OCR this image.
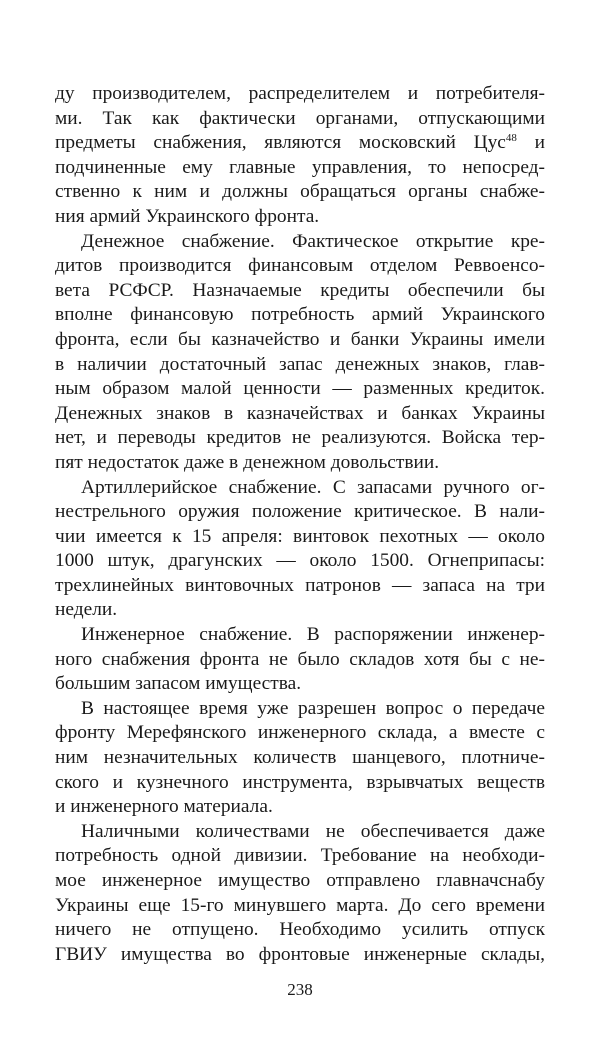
ду производителем, распределителем и потребителя-
ми. Так как фактически органами, отпускающими
предметы снабжения, являются московский Цус$^{48}$ и
подчиненные ему главные управления, то непосред-
ственно к ним и должны обращаться органы снабже-
ния армий Украинского фронта.
Денежное снабжение. Фактическое открытие кре-
дитов производится финансовым отделом Реввоенсо-
вета РСФСР. Назначаемые кредиты обеспечили бы
вполне финансовую потребность армий Украинского
фронта, если бы казначейство и банки Украины имели
в наличии достаточный запас денежных знаков, глав-
ным образом малой ценности — разменных кредиток.
Денежных знаков в казначействах и банках Украины
нет, и переводы кредитов не реализуются. Войска тер-
пят недостаток даже в денежном довольствии.
Артиллерийское снабжение. С запасами ручного ог-
нестрельного оружия положение критическое. В нали-
чии имеется к 15 апреля: винтовок пехотных — около
1000 штук, драгунских — около 1500. Огнеприпасы:
трехлинейных винтовочных патронов — запаса на три
недели.
Инженерное снабжение. В распоряжении инженер-
ного снабжения фронта не было складов хотя бы с не-
большим запасом имущества.
В настоящее время уже разрешен вопрос о передаче
фронту Мерефянского инженерного склада, а вместе с
ним незначительных количеств шанцевого, плотниче-
ского и кузнечного инструмента, взрывчатых веществ
и инженерного материала.
Наличными количествами не обеспечивается даже
потребность одной дивизии. Требование на необходи-
мое инженерное имущество отправлено главначснабу
Украины еще 15-го минувшего марта. До сего времени
ничего не отпущено. Необходимо усилить отпуск
ГВИУ имущества во фронтовые инженерные склады,
238
